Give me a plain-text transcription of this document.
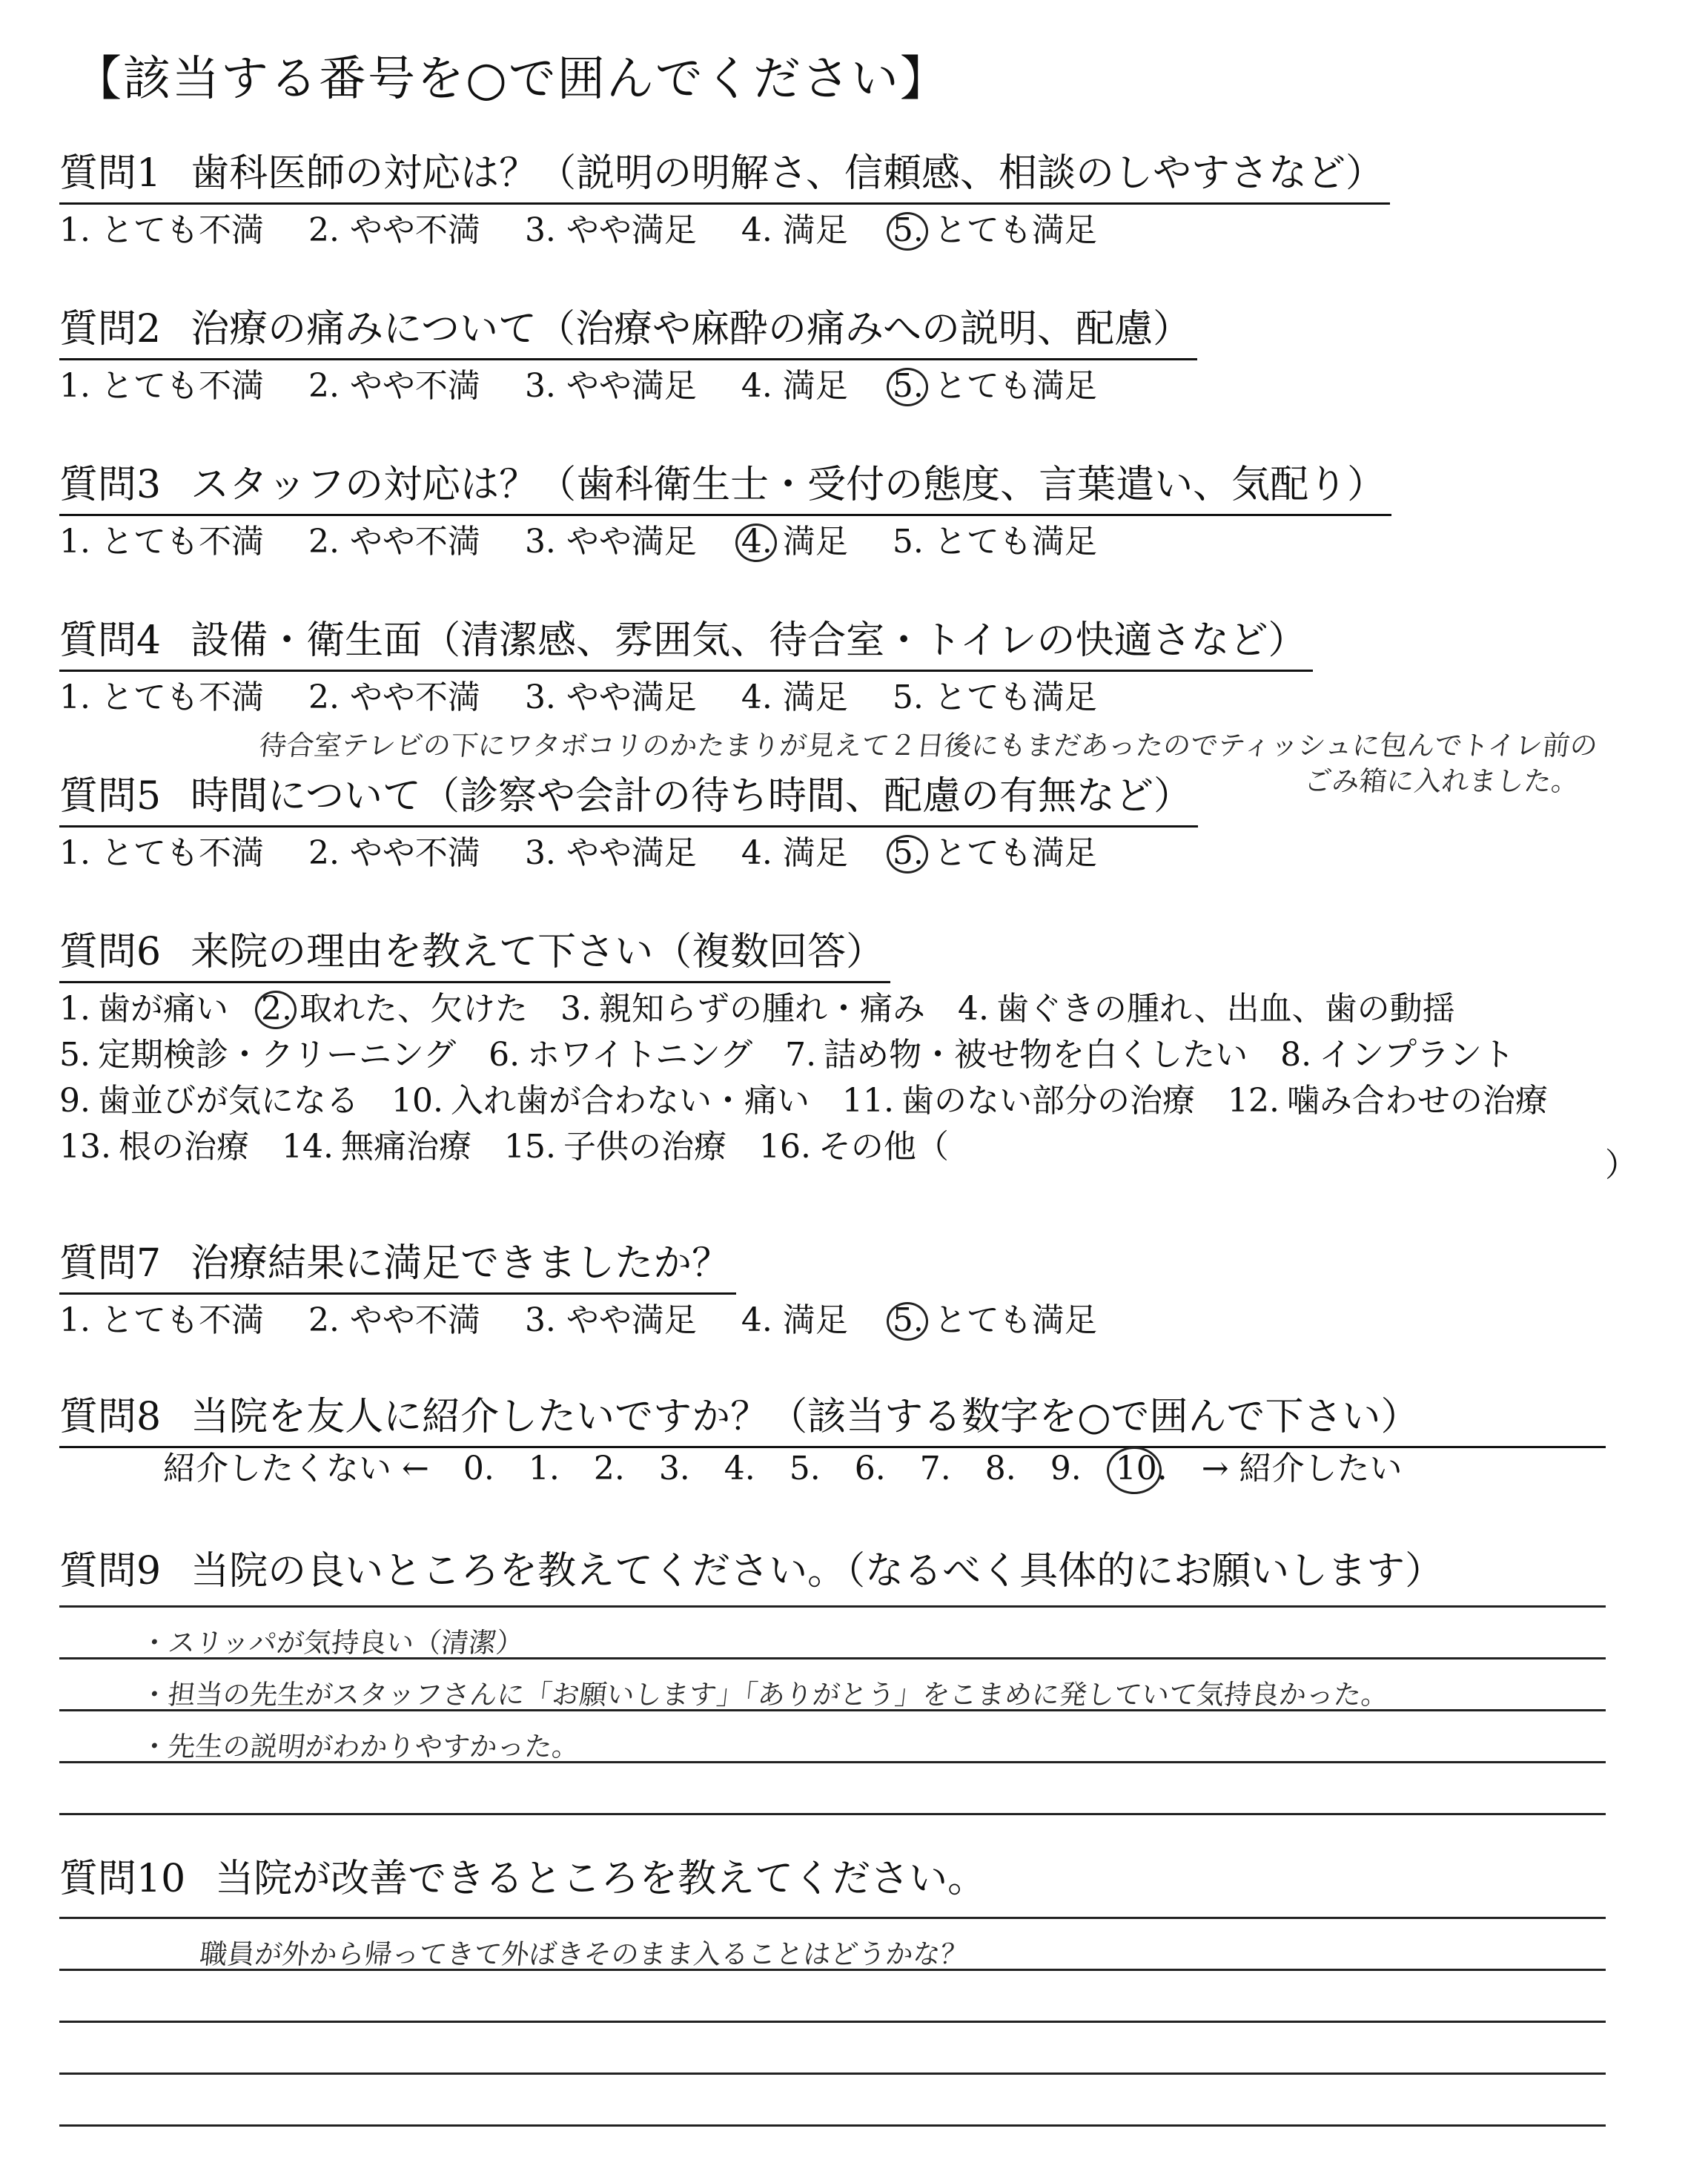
【該当する番号を○で囲んでください】
質問1 歯科医師の対応は？（説明の明解さ、信頼感、相談のしやすさなど）
1. とても不満 2. やや不満 3. やや満足 4. 満足 5. とても満足
質問2 治療の痛みについて（治療や麻酔の痛みへの説明、配慮）
1. とても不満 2. やや不満 3. やや満足 4. 満足 5. とても満足
質問3 スタッフの対応は？（歯科衛生士・受付の態度、言葉遣い、気配り）
1. とても不満 2. やや不満 3. やや満足 4. 満足 5. とても満足
質問4 設備・衛生面（清潔感、雰囲気、待合室・トイレの快適さなど）
1. とても不満 2. やや不満 3. やや満足 4. 満足 5. とても満足
待合室テレビの下にワタボコリのかたまりが見えて２日後にもまだあったのでティッシュに包んでトイレ前の
ごみ箱に入れました。
質問5 時間について（診察や会計の待ち時間、配慮の有無など）
1. とても不満 2. やや不満 3. やや満足 4. 満足 5. とても満足
質問6 来院の理由を教えて下さい（複数回答）
1. 歯が痛い 2. 取れた、欠けた 3. 親知らずの腫れ・痛み 4. 歯ぐきの腫れ、出血、歯の動揺
5. 定期検診・クリーニング 6. ホワイトニング 7. 詰め物・被せ物を白くしたい 8. インプラント
9. 歯並びが気になる 10. 入れ歯が合わない・痛い 11. 歯のない部分の治療 12. 噛み合わせの治療
13. 根の治療 14. 無痛治療 15. 子供の治療 16. その他（	）
質問7 治療結果に満足できましたか？
1. とても不満 2. やや不満 3. やや満足 4. 満足 5. とても満足
質問8 当院を友人に紹介したいですか？（該当する数字を○で囲んで下さい）
紹介したくない ← 0. 1. 2. 3. 4. 5. 6. 7. 8. 9. 10. → 紹介したい
質問9 当院の良いところを教えてください。（なるべく具体的にお願いします）
・スリッパが気持良い（清潔）
・担当の先生がスタッフさんに「お願いします」「ありがとう」をこまめに発していて気持良かった。
・先生の説明がわかりやすかった。
質問10 当院が改善できるところを教えてください。
職員が外から帰ってきて外ばきそのまま入ることはどうかな？
